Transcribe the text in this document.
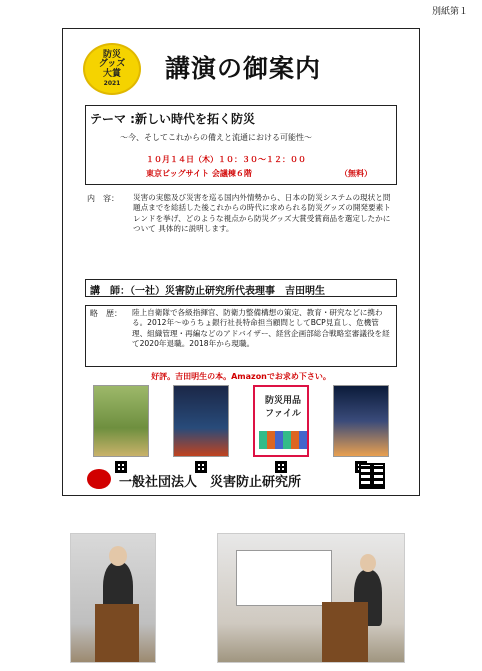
別紙第１
防災
グッズ
大賞
2021
講演の御案内
テーマ :新しい時代を拓く防災
〜今、そしてこれからの備えと流通における可能性〜
１０月１４日（木）１０：３０〜１２：００
東京ビッグサイト 会議棟６階	（無料）
内　容： 災害の実態及び災害を巡る国内外情勢から、日本の防災システムの現状と問題点までを総括した後これからの時代に求められる防災グッズの開発要素トレンドを挙げ、どのような視点から防災グッズ大賞受賞商品を選定したかについて 具体的に説明します。
講　師：（一社）災害防止研究所代表理事　吉田明生
略　歴： 陸上自衛隊で各級指揮官、防衛力整備構想の策定、教育・研究などに携わる。2012年〜ゆうちょ銀行社長特命担当顧問としてBCP見直し、危機管理、組織管理・再編などのアドバイザー、経営企画部総合戦略室審議役を経て2020年退職。2018年から現職。
好評。吉田明生の本。Amazonでお求め下さい。
防災用品ファイル
一般社団法人　災害防止研究所
